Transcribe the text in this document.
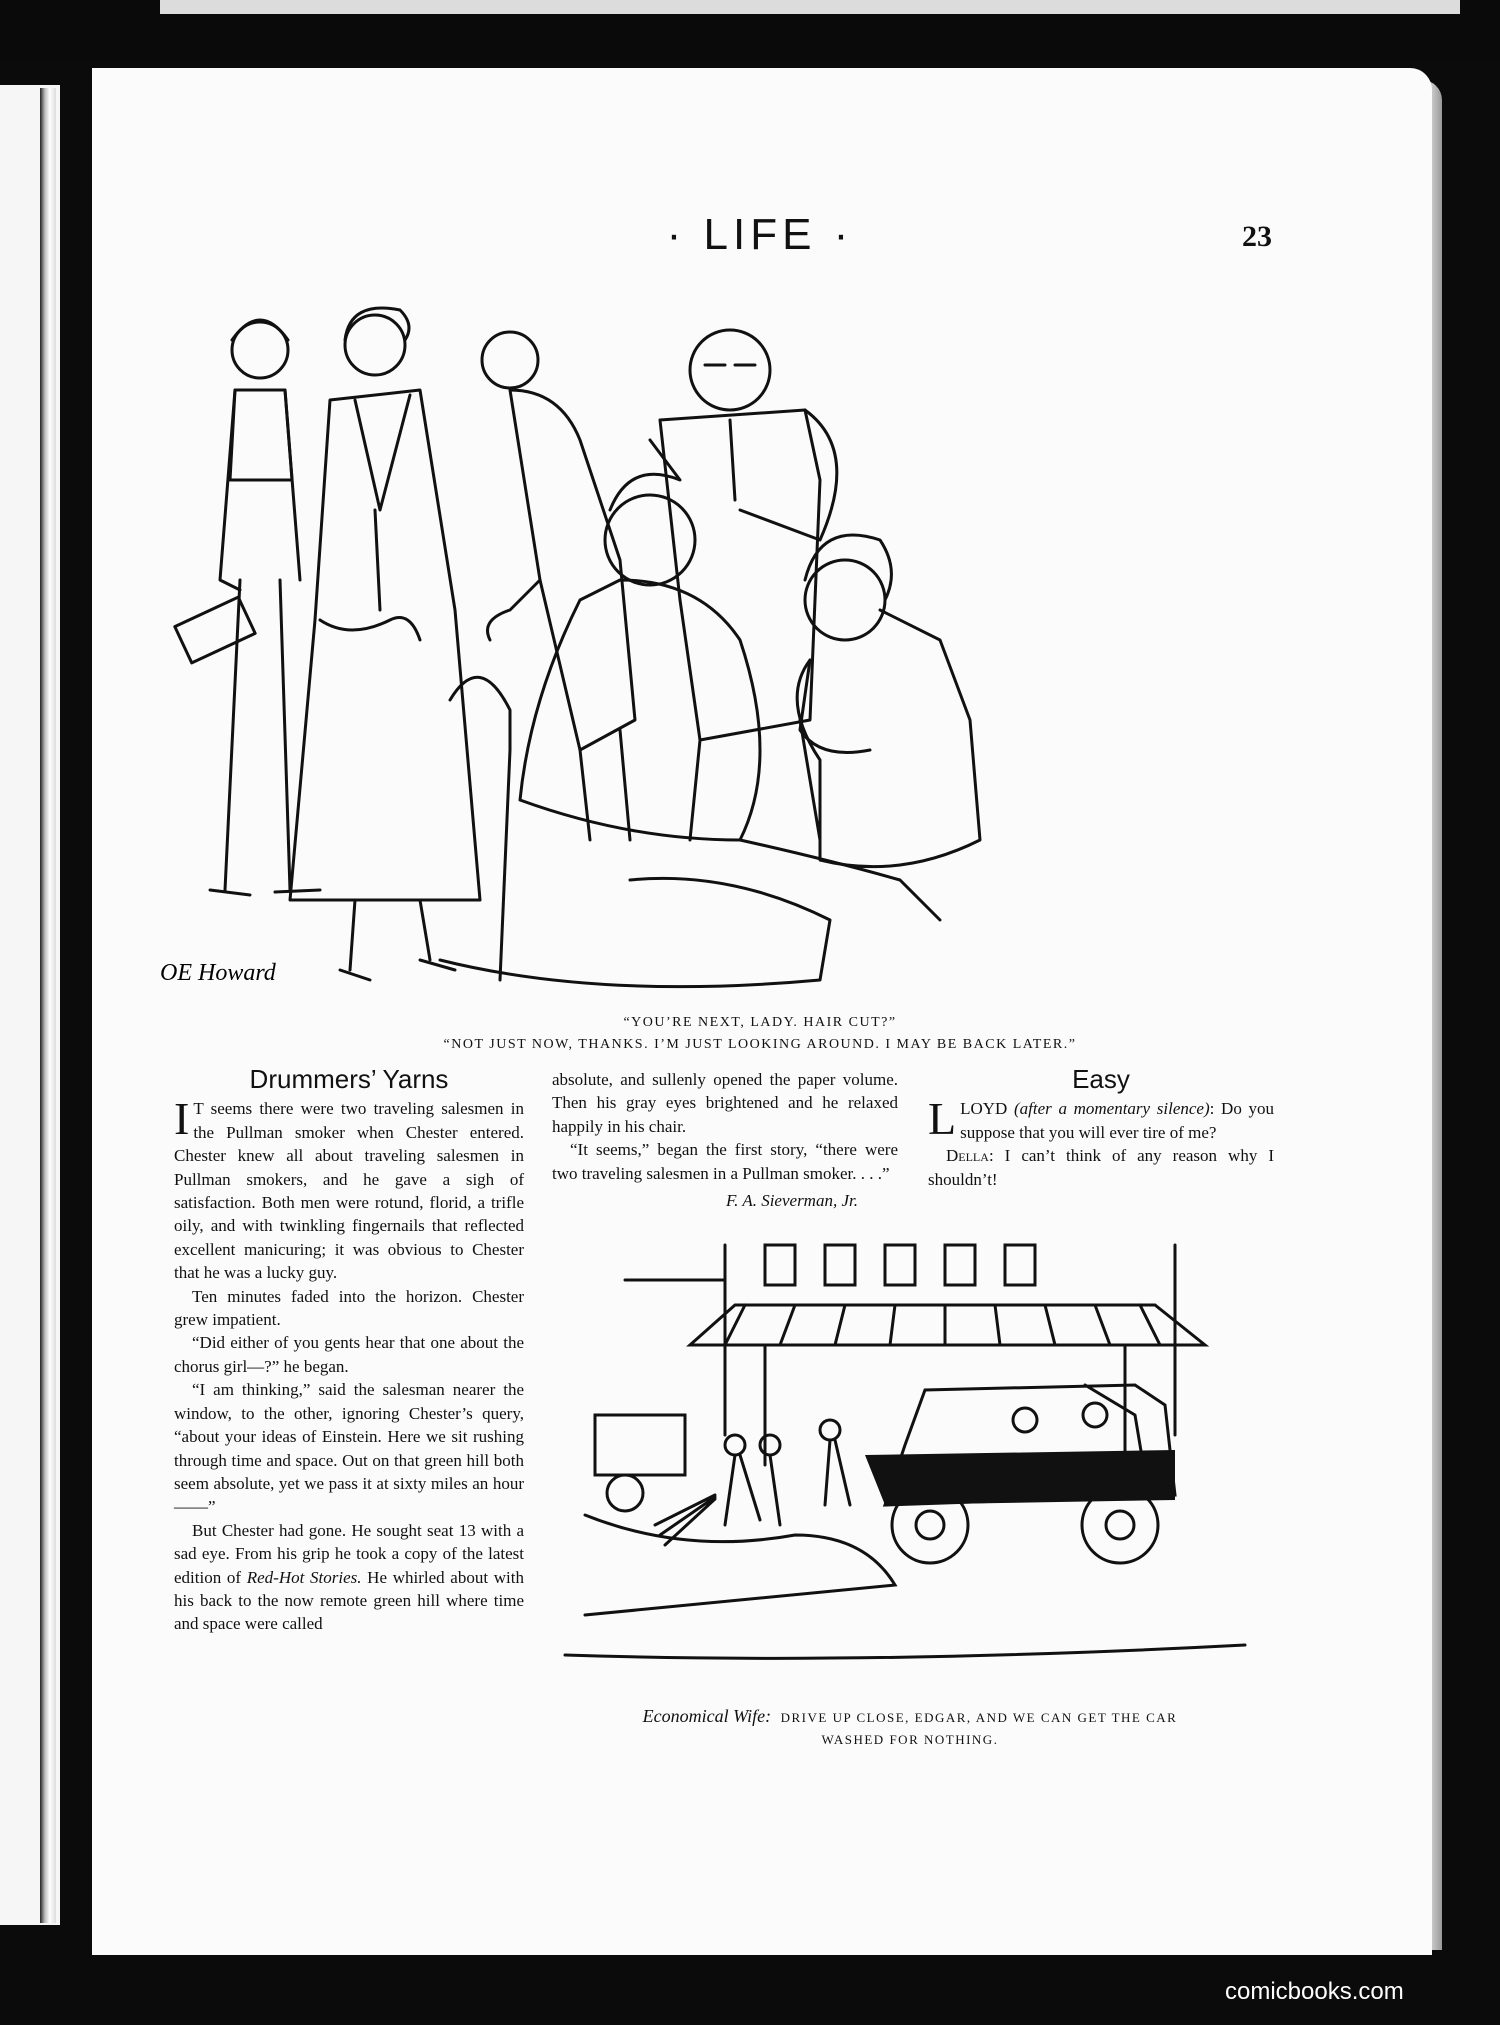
· LIFE ·	23
OE Howard
“YOU’RE NEXT, LADY. HAIR CUT?”
“NOT JUST NOW, THANKS. I’M JUST LOOKING AROUND. I MAY BE BACK LATER.”
Drummers’ Yarns

I T seems there were two traveling salesmen in the Pullman smoker when Chester entered. Chester knew all about traveling salesmen in Pullman smokers, and he gave a sigh of satisfaction. Both men were rotund, florid, a trifle oily, and with twinkling fingernails that reflected excellent manicuring; it was obvious to Chester that he was a lucky guy.

Ten minutes faded into the horizon. Chester grew impatient.

“Did either of you gents hear that one about the chorus girl—?” he began.

“I am thinking,” said the salesman nearer the window, to the other, ignoring Chester’s query, “about your ideas of Einstein. Here we sit rushing through time and space. Out on that green hill both seem absolute, yet we pass it at sixty miles an hour——”

But Chester had gone. He sought seat 13 with a sad eye. From his grip he took a copy of the latest edition of Red-Hot Stories. He whirled about with his back to the now remote green hill where time and space were called

absolute, and sullenly opened the paper volume. Then his gray eyes brightened and he relaxed happily in his chair.

“It seems,” began the first story, “there were two traveling salesmen in a Pullman smoker. . . .”

F. A. Sieverman, Jr.
Easy

LLOYD (after a momentary silence): Do you suppose that you will ever tire of me?

Della: I can’t think of any reason why I shouldn’t!

Economical Wife: DRIVE UP CLOSE, EDGAR, AND WE CAN GET THE CAR
WASHED FOR NOTHING.
comicbooks.com
